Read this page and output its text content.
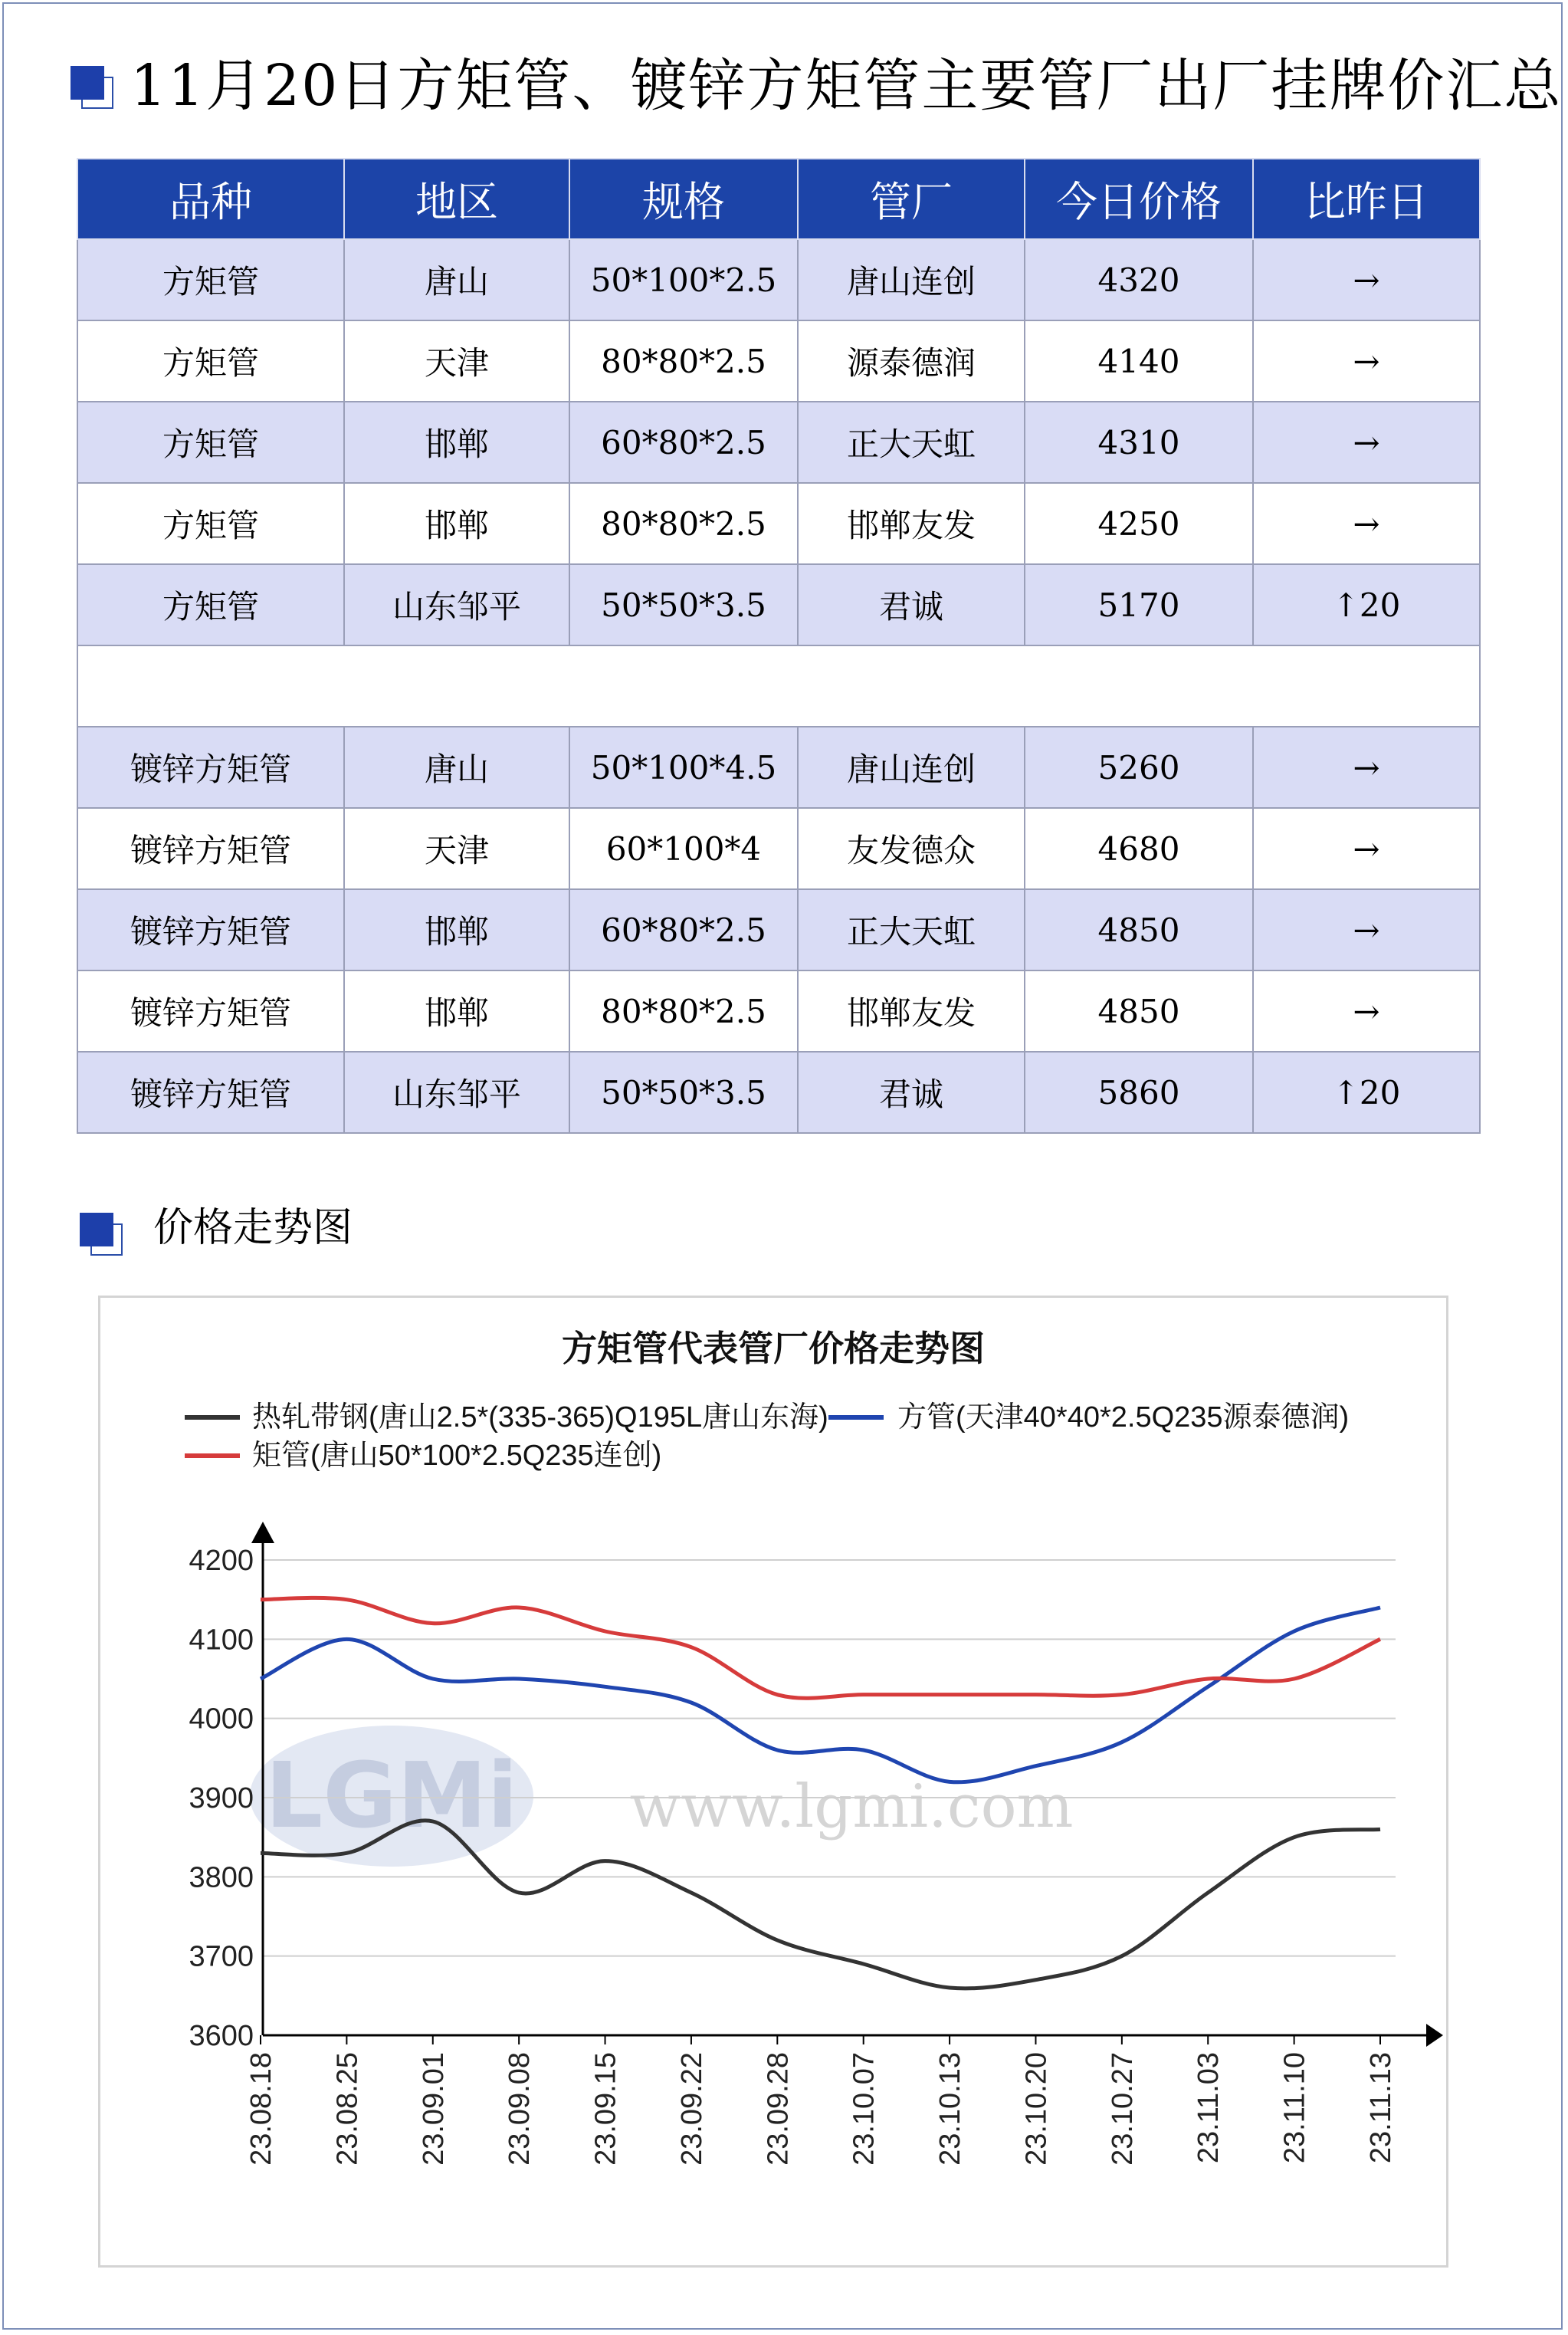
11月20日方矩管、镀锌方矩管主要管厂出厂挂牌价汇总
品种	地区	规格	管厂	今日价格	比昨日
方矩管	唐山	50*100*2.5	唐山连创	4320	→
方矩管	天津	80*80*2.5	源泰德润	4140	→
方矩管	邯郸	60*80*2.5	正大天虹	4310	→
方矩管	邯郸	80*80*2.5	邯郸友发	4250	→
方矩管	山东邹平	50*50*3.5	君诚	5170	↑20

镀锌方矩管	唐山	50*100*4.5	唐山连创	5260	→
镀锌方矩管	天津	60*100*4	友发德众	4680	→
镀锌方矩管	邯郸	60*80*2.5	正大天虹	4850	→
镀锌方矩管	邯郸	80*80*2.5	邯郸友发	4850	→
镀锌方矩管	山东邹平	50*50*3.5	君诚	5860	↑20
价格走势图
方矩管代表管厂价格走势图
LGMi www.lgmi.com
3600
3700
3800
3900
4000
4100
4200
23.08.18 23.08.25 23.09.01 23.09.08 23.09.15 23.09.22 23.09.28 23.10.07 23.10.13 23.10.20 23.10.27 23.11.03 23.11.10 23.11.13
热轧带钢(唐山2.5*(335-365)Q195L唐山东海) 方管(天津40*40*2.5Q235源泰德润)
矩管(唐山50*100*2.5Q235连创)
